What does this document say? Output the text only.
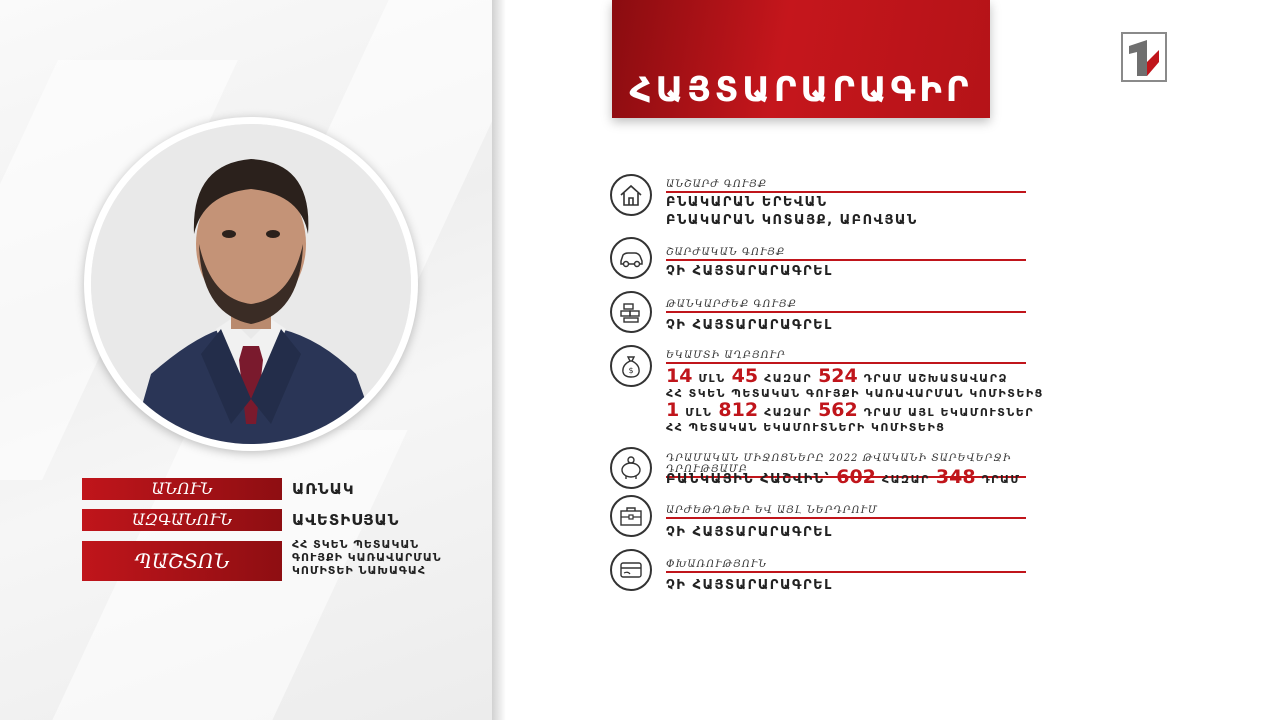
ԱՆՈՒՆ	ԱՌՆԱԿ
ԱԶԳԱՆՈՒՆ	ԱՎԵՏԻՍՅԱՆ
ՊԱՇՏՈՆ
ՀՀ ՏԿԵՆ ՊԵՏԱԿԱՆ
ԳՈՒՅՔԻ ԿԱՌԱՎԱՐՄԱՆ
ԿՈՄԻՏԵԻ ՆԱԽԱԳԱՀ
ՀԱՅՏԱՐԱՐԱԳԻՐ
ԱՆՇԱՐԺ ԳՈՒՅՔ
ԲՆԱԿԱՐԱՆ ԵՐԵՎԱՆ
ԲՆԱԿԱՐԱՆ ԿՈՏԱՅՔ, ԱԲՈՎՅԱՆ
ՇԱՐԺԱԿԱՆ ԳՈՒՅՔ
ՉԻ ՀԱՅՏԱՐԱՐԱԳՐԵԼ
ԹԱՆԿԱՐԺԵՔ ԳՈՒՅՔ
ՉԻ ՀԱՅՏԱՐԱՐԱԳՐԵԼ
$
ԵԿԱՄՏԻ ԱՂԲՅՈՒՐ
14 ՄԼՆ 45 ՀԱԶԱՐ 524 ԴՐԱՄ ԱՇԽԱՏԱՎԱՐՁ
ՀՀ ՏԿԵՆ ՊԵՏԱԿԱՆ ԳՈՒՅՔԻ ԿԱՌԱՎԱՐՄԱՆ ԿՈՄԻՏԵԻՑ
1 ՄԼՆ 812 ՀԱԶԱՐ 562 ԴՐԱՄ ԱՅԼ ԵԿԱՄՈՒՏՆԵՐ
ՀՀ ՊԵՏԱԿԱՆ ԵԿԱՄՈՒՏՆԵՐԻ ԿՈՄԻՏԵԻՑ
ԴՐԱՄԱԿԱՆ ՄԻՋՈՑՆԵՐԸ 2022 ԹՎԱԿԱՆԻ ՏԱՐԵՎԵՐՋԻ ԴՐՈՒԹՅԱՄԲ
ԲԱՆԿԱՅԻՆ ՀԱՇՎԻՆ՝ 602 ՀԱԶԱՐ 348 ԴՐԱՄ
ԱՐԺԵԹՂԹԵՐ ԵՎ ԱՅԼ ՆԵՐԴՐՈՒՄ
ՉԻ ՀԱՅՏԱՐԱՐԱԳՐԵԼ
ՓԽԱՌՈՒԹՅՈՒՆ
ՉԻ ՀԱՅՏԱՐԱՐԱԳՐԵԼ
